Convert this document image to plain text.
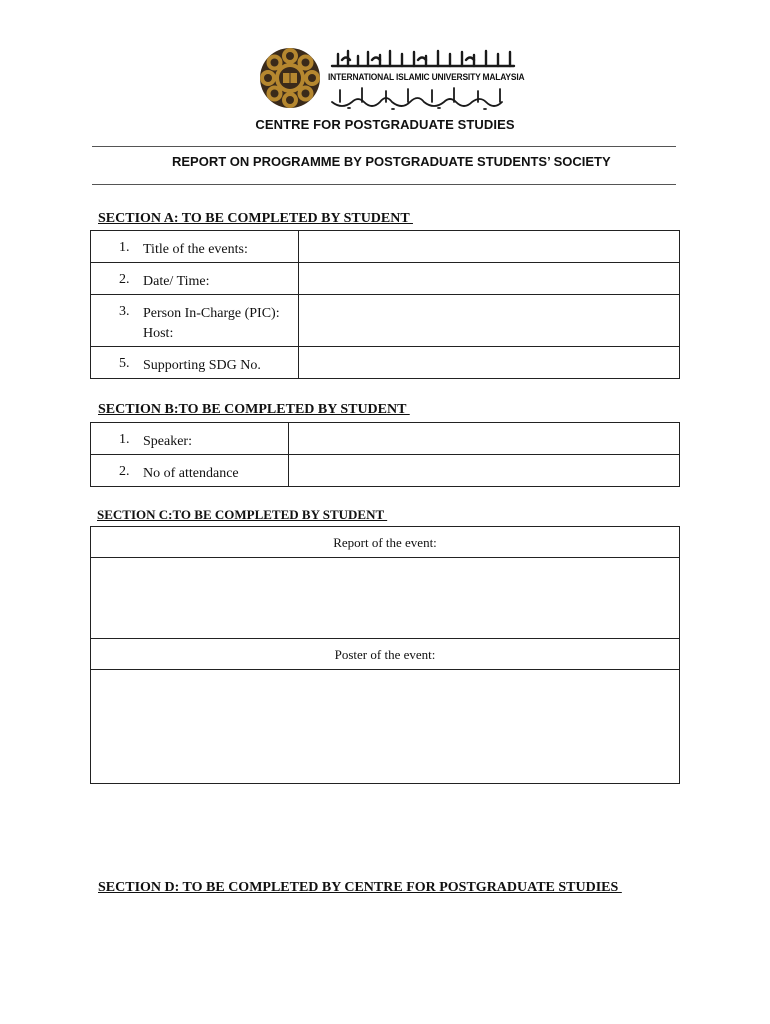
INTERNATIONAL ISLAMIC UNIVERSITY MALAYSIA
CENTRE FOR POSTGRADUATE STUDIES
REPORT ON PROGRAMME BY POSTGRADUATE STUDENTS’ SOCIETY
SECTION A: TO BE COMPLETED BY STUDENT
1. Title of the events:	

2. Date/ Time:	

3. Person In-Charge (PIC):
Host:	

5. Supporting SDG No.	

SECTION B:TO BE COMPLETED BY STUDENT
1. Speaker:	

2. No of attendance	

SECTION C:TO BE COMPLETED BY STUDENT
Report of the event:
Poster of the event:
SECTION D: TO BE COMPLETED BY CENTRE FOR POSTGRADUATE STUDIES
